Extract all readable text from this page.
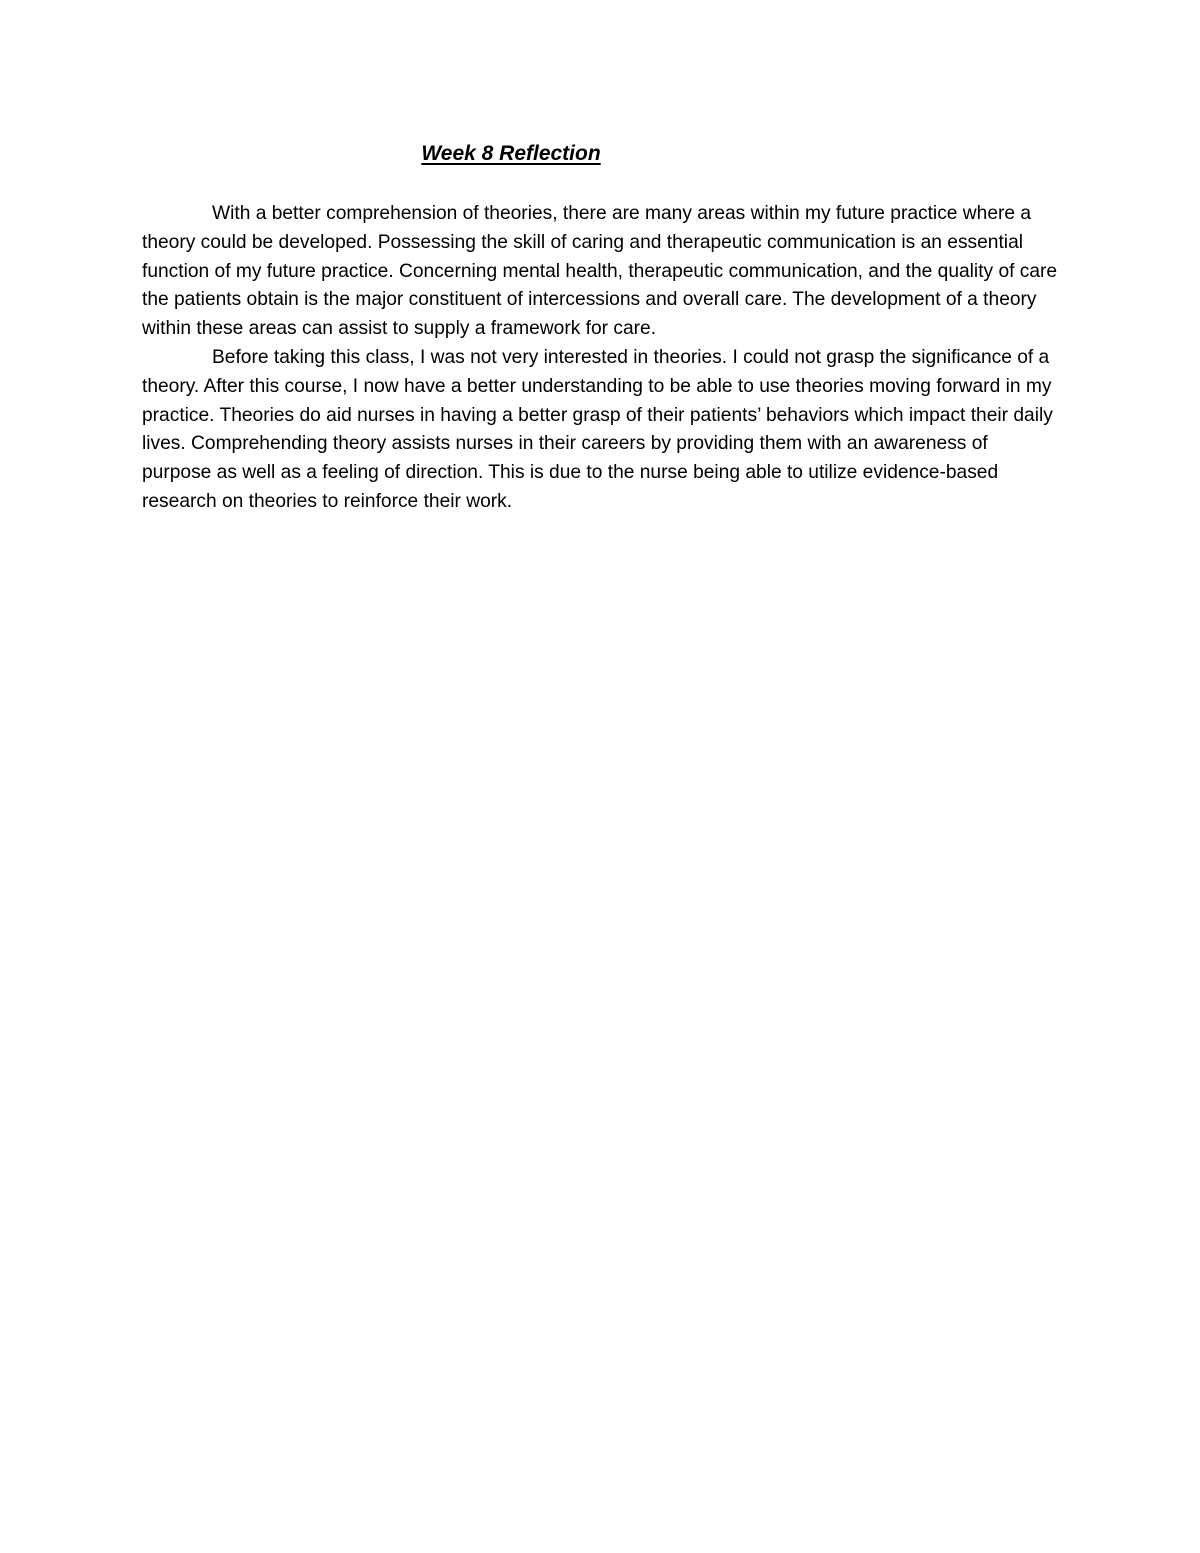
Week 8 Reflection

With a better comprehension of theories, there are many areas within my future practice where a theory could be developed. Possessing the skill of caring and therapeutic communication is an essential function of my future practice. Concerning mental health, therapeutic communication, and the quality of care the patients obtain is the major constituent of intercessions and overall care. The development of a theory within these areas can assist to supply a framework for care.

Before taking this class, I was not very interested in theories. I could not grasp the significance of a theory. After this course, I now have a better understanding to be able to use theories moving forward in my practice. Theories do aid nurses in having a better grasp of their patients’ behaviors which impact their daily lives. Comprehending theory assists nurses in their careers by providing them with an awareness of purpose as well as a feeling of direction. This is due to the nurse being able to utilize evidence-based research on theories to reinforce their work.
